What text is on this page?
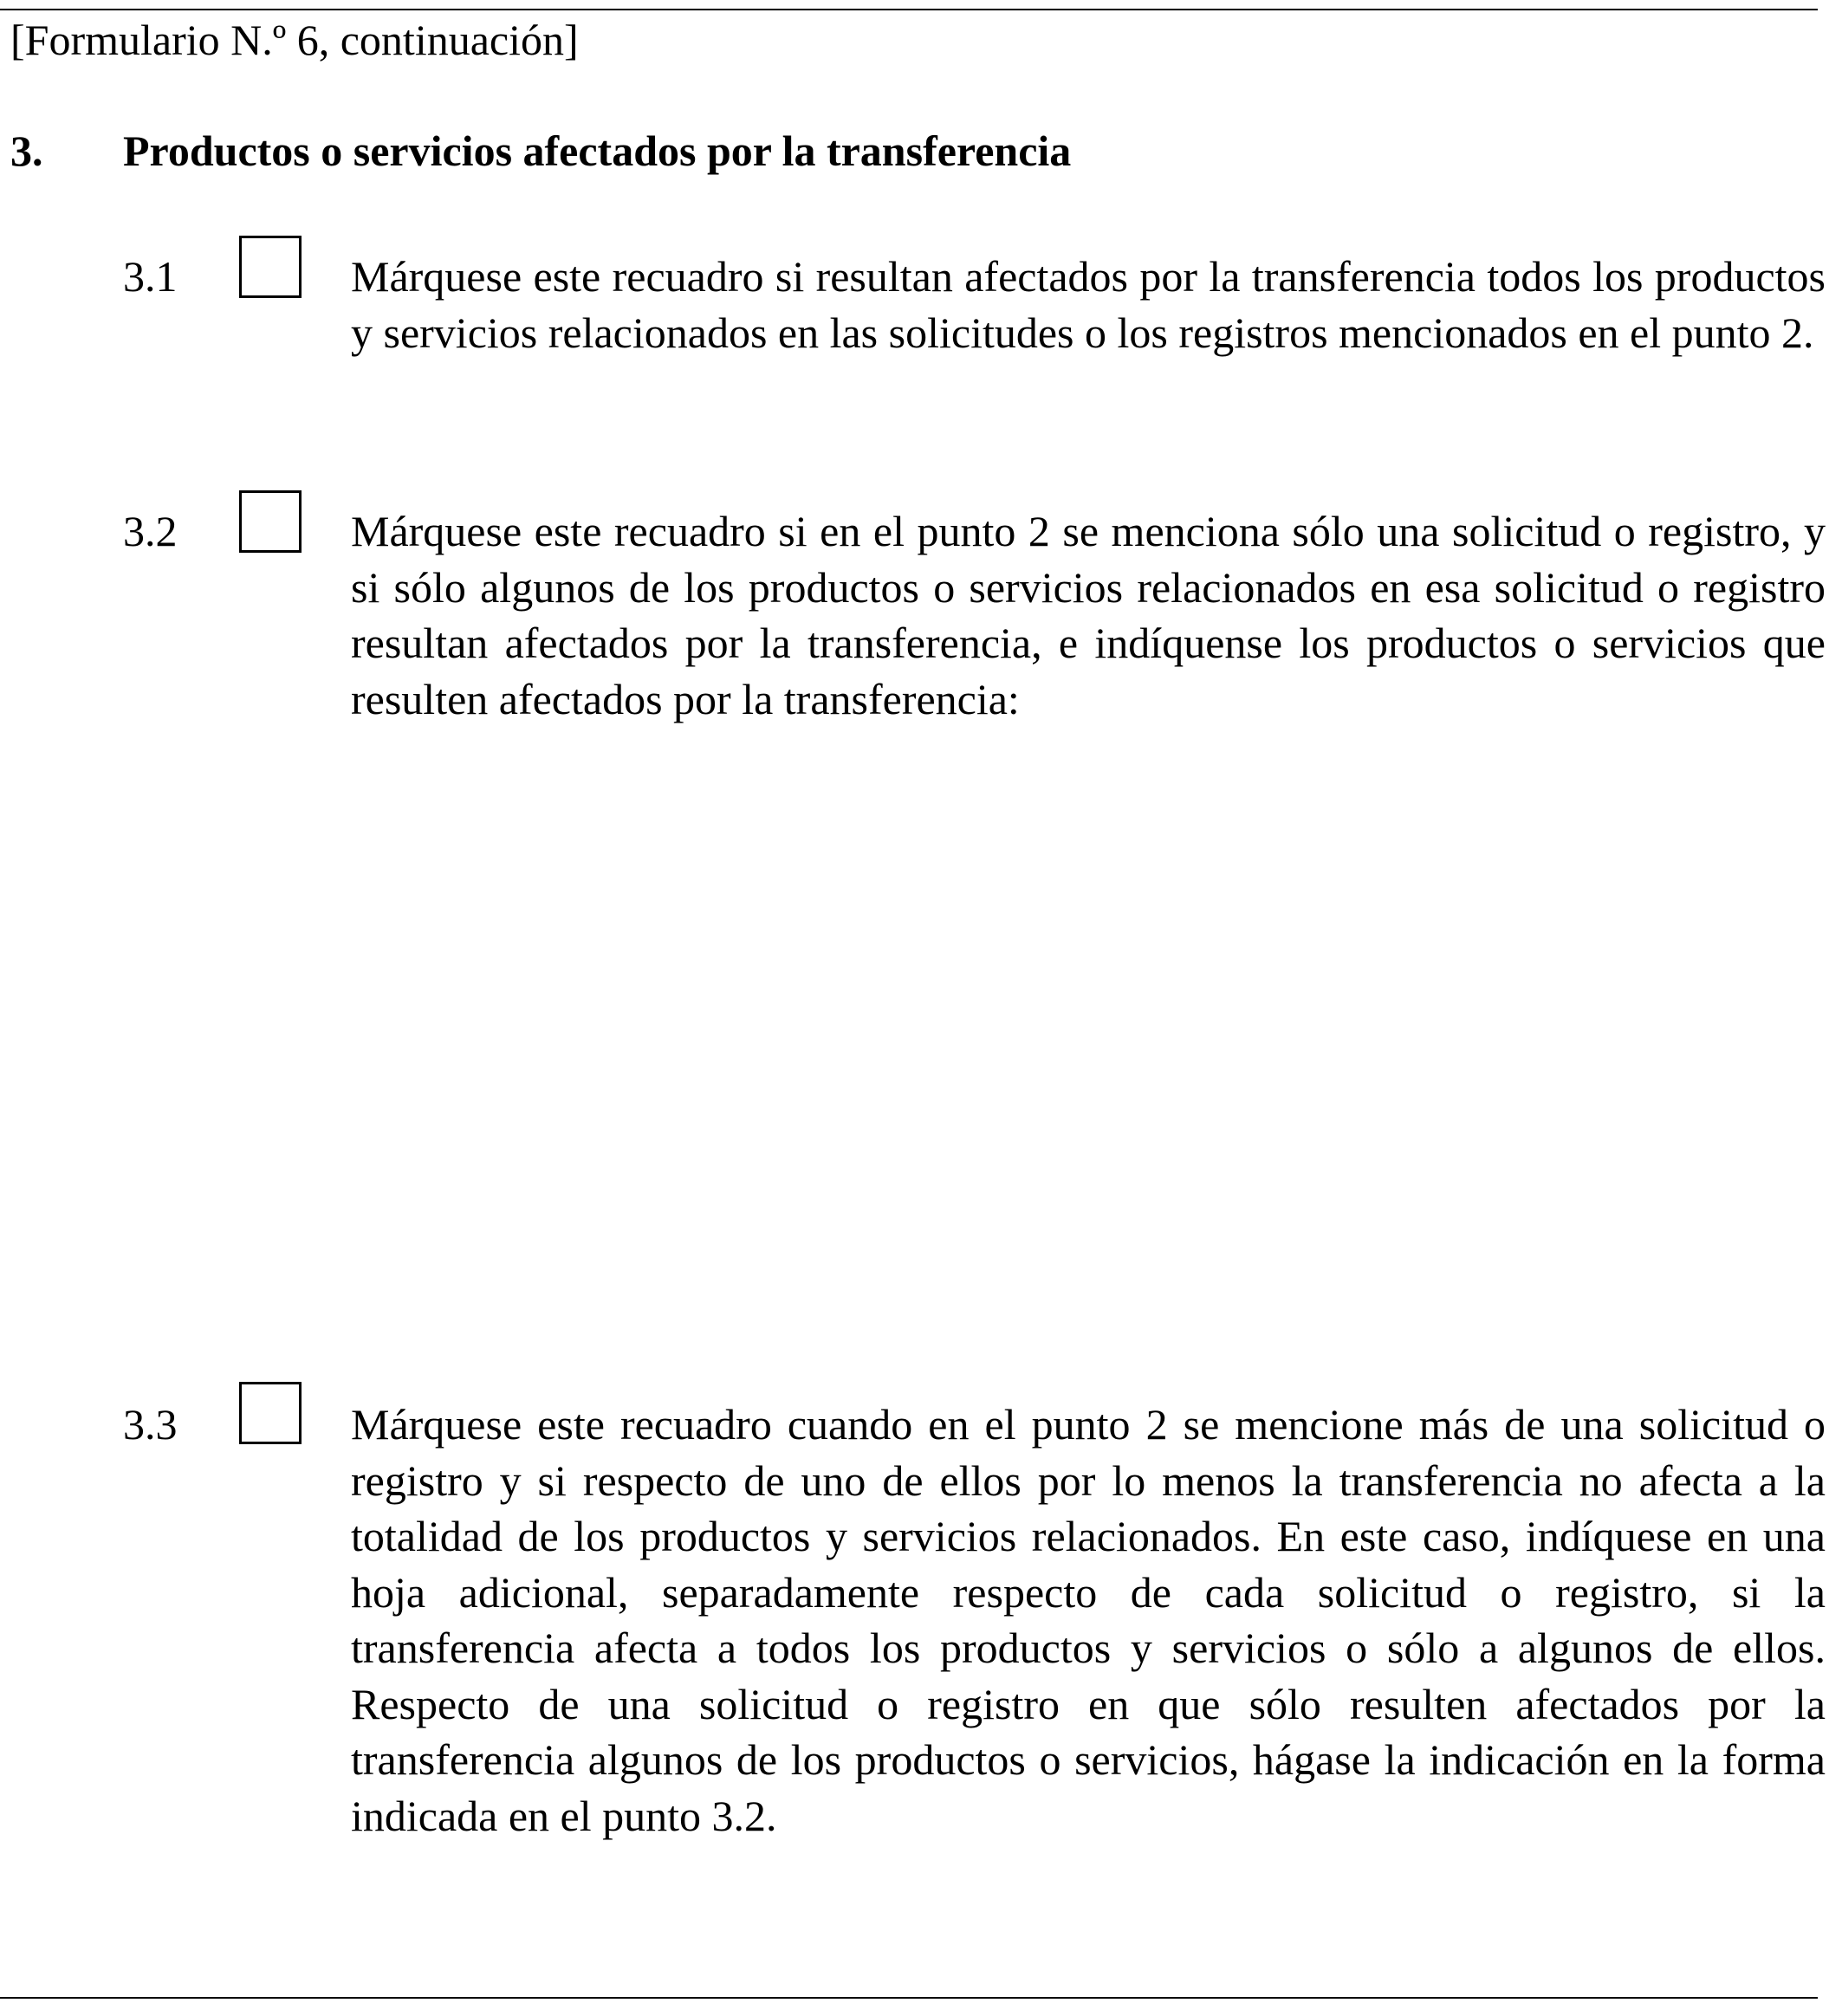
[Formulario N.º 6, continuación]
3. Productos o servicios afectados por la transferencia
3.1	Márquese este recuadro si resultan afectados por la transferencia todos los productos y servicios relacionados en las solicitudes o los registros mencionados en el punto 2.
3.2	Márquese este recuadro si en el punto 2 se menciona sólo una solicitud o registro, y si sólo algunos de los productos o servicios relacionados en esa solicitud o registro resultan afectados por la transferencia, e indíquense los productos o servicios que resulten afectados por la transferencia:
3.3	Márquese este recuadro cuando en el punto 2 se mencione más de una solicitud o registro y si respecto de uno de ellos por lo menos la transferencia no afecta a la totalidad de los productos y servicios relacionados. En este caso, indíquese en una hoja adicional, separadamente respecto de cada solicitud o registro, si la transferencia afecta a todos los productos y servicios o sólo a algunos de ellos. Respecto de una solicitud o registro en que sólo resulten afectados por la transferencia algunos de los productos o servicios, hágase la indicación en la forma indicada en el punto 3.2.
